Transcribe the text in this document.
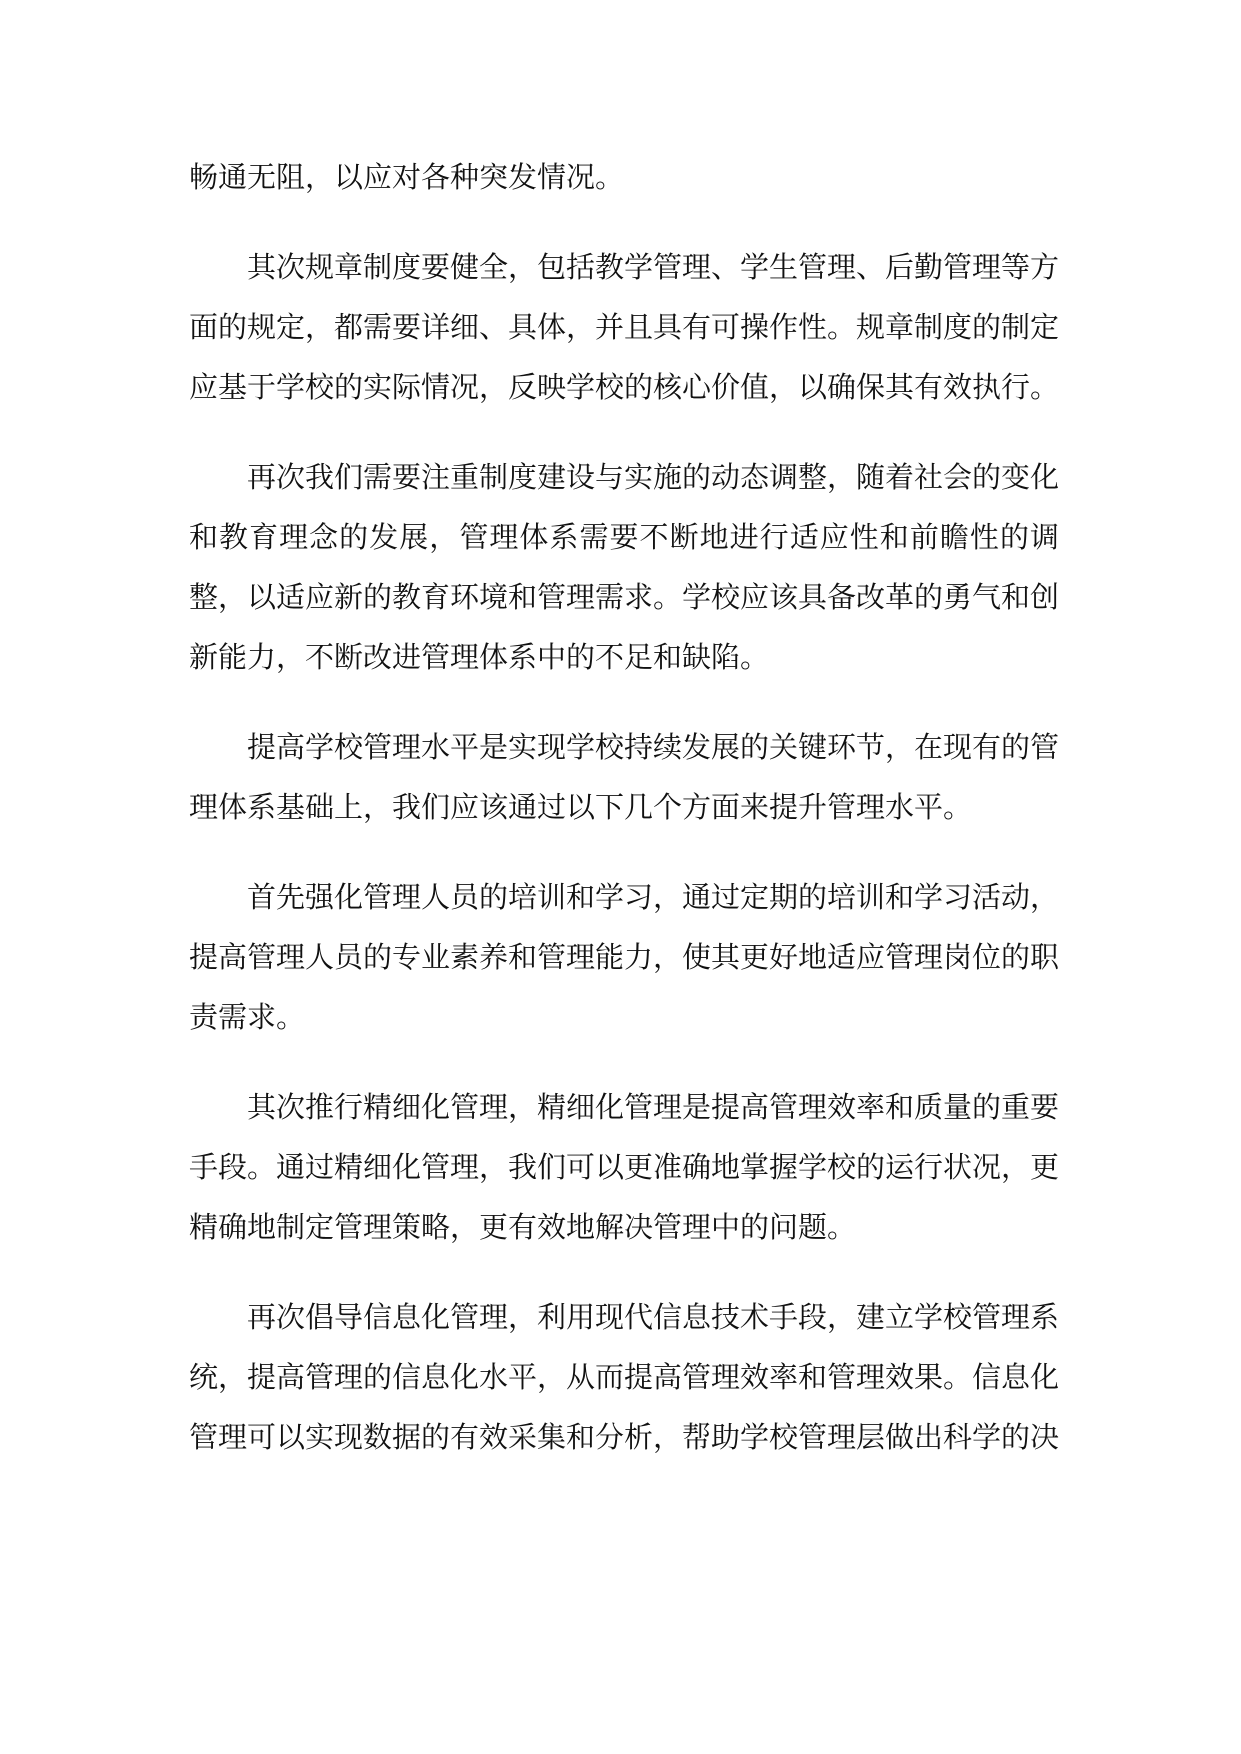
畅通无阻，以应对各种突发情况。

其次规章制度要健全，包括教学管理、学生管理、后勤管理等方面的规定，都需要详细、具体，并且具有可操作性。规章制度的制定应基于学校的实际情况，反映学校的核心价值，以确保其有效执行。

再次我们需要注重制度建设与实施的动态调整，随着社会的变化和教育理念的发展，管理体系需要不断地进行适应性和前瞻性的调整，以适应新的教育环境和管理需求。学校应该具备改革的勇气和创新能力，不断改进管理体系中的不足和缺陷。

提高学校管理水平是实现学校持续发展的关键环节，在现有的管理体系基础上，我们应该通过以下几个方面来提升管理水平。

首先强化管理人员的培训和学习，通过定期的培训和学习活动，提高管理人员的专业素养和管理能力，使其更好地适应管理岗位的职责需求。

其次推行精细化管理，精细化管理是提高管理效率和质量的重要手段。通过精细化管理，我们可以更准确地掌握学校的运行状况，更精确地制定管理策略，更有效地解决管理中的问题。

再次倡导信息化管理，利用现代信息技术手段，建立学校管理系统，提高管理的信息化水平，从而提高管理效率和管理效果。信息化管理可以实现数据的有效采集和分析，帮助学校管理层做出科学的决
